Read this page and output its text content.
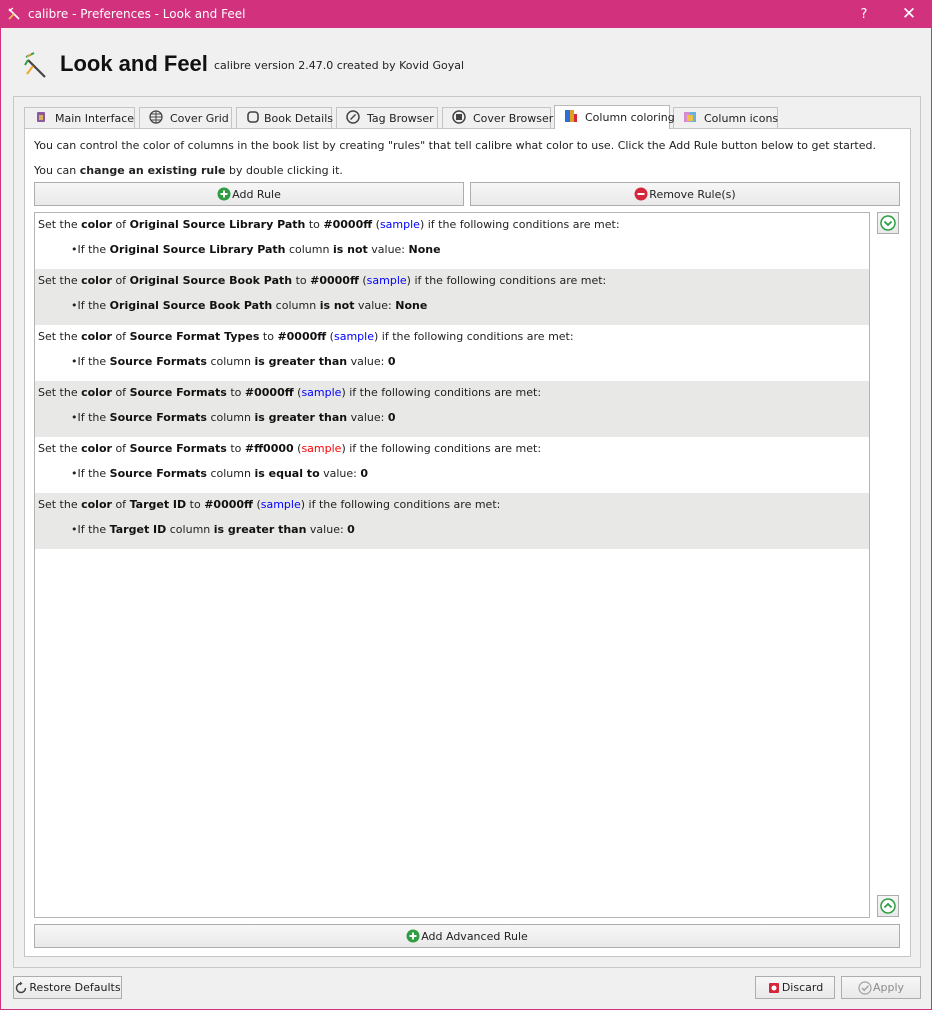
calibre - Preferences - Look and Feel	?	✕
Look and Feel calibre version 2.47.0 created by Kovid Goyal
Main Interface	Cover Grid	Book Details	Tag Browser	Cover Browser	Column coloring	Column icons
You can control the color of columns in the book list by creating "rules" that tell calibre what color to use. Click the Add Rule button below to get started.
You can change an existing rule by double clicking it.
Add Rule	Remove Rule(s)
Set the color of Original Source Library Path to #0000ff (sample) if the following conditions are met:
•If the Original Source Library Path column is not value: None
Set the color of Original Source Book Path to #0000ff (sample) if the following conditions are met:
•If the Original Source Book Path column is not value: None
Set the color of Source Format Types to #0000ff (sample) if the following conditions are met:
•If the Source Formats column is greater than value: 0
Set the color of Source Formats to #0000ff (sample) if the following conditions are met:
•If the Source Formats column is greater than value: 0
Set the color of Source Formats to #ff0000 (sample) if the following conditions are met:
•If the Source Formats column is equal to value: 0
Set the color of Target ID to #0000ff (sample) if the following conditions are met:
•If the Target ID column is greater than value: 0
Add Advanced Rule
Restore Defaults	Discard	Apply
